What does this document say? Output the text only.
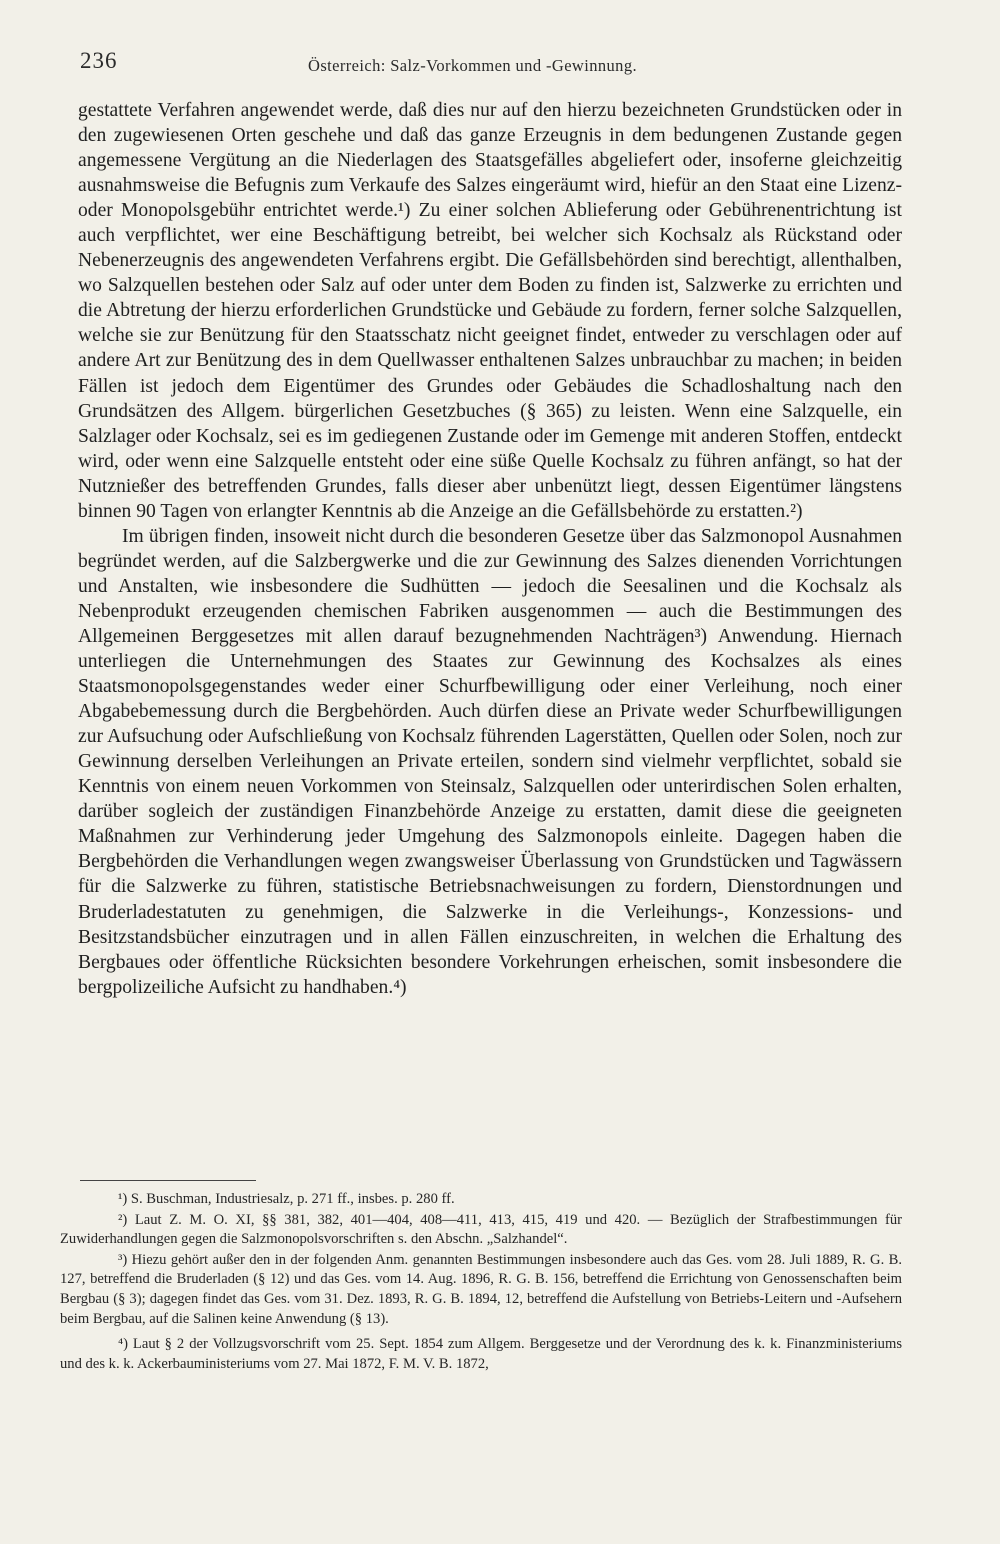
236	Österreich: Salz-Vorkommen und -Gewinnung.

gestattete Verfahren angewendet werde, daß dies nur auf den hierzu bezeichneten Grundstücken oder in den zugewiesenen Orten geschehe und daß das ganze Erzeugnis in dem bedungenen Zustande gegen angemessene Vergütung an die Niederlagen des Staatsgefälles abgeliefert oder, insoferne gleichzeitig ausnahmsweise die Befugnis zum Verkaufe des Salzes eingeräumt wird, hiefür an den Staat eine Lizenz- oder Monopolsgebühr entrichtet werde.¹) Zu einer solchen Ablieferung oder Gebührenentrichtung ist auch verpflichtet, wer eine Beschäftigung betreibt, bei welcher sich Kochsalz als Rückstand oder Nebenerzeugnis des angewendeten Verfahrens ergibt. Die Gefällsbehörden sind berechtigt, allenthalben, wo Salzquellen bestehen oder Salz auf oder unter dem Boden zu finden ist, Salzwerke zu errichten und die Abtretung der hierzu erforderlichen Grundstücke und Gebäude zu fordern, ferner solche Salzquellen, welche sie zur Benützung für den Staatsschatz nicht geeignet findet, entweder zu verschlagen oder auf andere Art zur Benützung des in dem Quellwasser enthaltenen Salzes unbrauchbar zu machen; in beiden Fällen ist jedoch dem Eigentümer des Grundes oder Gebäudes die Schadloshaltung nach den Grundsätzen des Allgem. bürgerlichen Gesetzbuches (§ 365) zu leisten. Wenn eine Salzquelle, ein Salzlager oder Kochsalz, sei es im gediegenen Zustande oder im Gemenge mit anderen Stoffen, entdeckt wird, oder wenn eine Salzquelle entsteht oder eine süße Quelle Kochsalz zu führen anfängt, so hat der Nutznießer des betreffenden Grundes, falls dieser aber unbenützt liegt, dessen Eigentümer längstens binnen 90 Tagen von erlangter Kenntnis ab die Anzeige an die Gefällsbehörde zu erstatten.²)

Im übrigen finden, insoweit nicht durch die besonderen Gesetze über das Salzmonopol Ausnahmen begründet werden, auf die Salzbergwerke und die zur Gewinnung des Salzes dienenden Vorrichtungen und Anstalten, wie insbesondere die Sudhütten — jedoch die Seesalinen und die Kochsalz als Nebenprodukt erzeugenden chemischen Fabriken ausgenommen — auch die Bestimmungen des Allgemeinen Berggesetzes mit allen darauf bezugnehmenden Nachträgen³) Anwendung. Hiernach unterliegen die Unternehmungen des Staates zur Gewinnung des Kochsalzes als eines Staatsmonopolsgegenstandes weder einer Schurfbewilligung oder einer Verleihung, noch einer Abgabebemessung durch die Bergbehörden. Auch dürfen diese an Private weder Schurfbewilligungen zur Aufsuchung oder Aufschließung von Kochsalz führenden Lagerstätten, Quellen oder Solen, noch zur Gewinnung derselben Verleihungen an Private erteilen, sondern sind vielmehr verpflichtet, sobald sie Kenntnis von einem neuen Vorkommen von Steinsalz, Salzquellen oder unterirdischen Solen erhalten, darüber sogleich der zuständigen Finanzbehörde Anzeige zu erstatten, damit diese die geeigneten Maßnahmen zur Verhinderung jeder Umgehung des Salzmonopols einleite. Dagegen haben die Bergbehörden die Verhandlungen wegen zwangsweiser Überlassung von Grundstücken und Tagwässern für die Salzwerke zu führen, statistische Betriebsnachweisungen zu fordern, Dienstordnungen und Bruderladestatuten zu genehmigen, die Salzwerke in die Verleihungs-, Konzessions- und Besitzstandsbücher einzutragen und in allen Fällen einzuschreiten, in welchen die Erhaltung des Bergbaues oder öffentliche Rücksichten besondere Vorkehrungen erheischen, somit insbesondere die bergpolizeiliche Aufsicht zu handhaben.⁴)

¹) S. Buschman, Industriesalz, p. 271 ff., insbes. p. 280 ff.

²) Laut Z. M. O. XI, §§ 381, 382, 401—404, 408—411, 413, 415, 419 und 420. — Bezüglich der Strafbestimmungen für Zuwiderhandlungen gegen die Salzmonopolsvorschriften s. den Abschn. „Salzhandel“.

³) Hiezu gehört außer den in der folgenden Anm. genannten Bestimmungen insbesondere auch das Ges. vom 28. Juli 1889, R. G. B. 127, betreffend die Bruderladen (§ 12) und das Ges. vom 14. Aug. 1896, R. G. B. 156, betreffend die Errichtung von Genossenschaften beim Bergbau (§ 3); dagegen findet das Ges. vom 31. Dez. 1893, R. G. B. 1894, 12, betreffend die Aufstellung von Betriebs-Leitern und -Aufsehern beim Bergbau, auf die Salinen keine Anwendung (§ 13).

⁴) Laut § 2 der Vollzugsvorschrift vom 25. Sept. 1854 zum Allgem. Berggesetze und der Verordnung des k. k. Finanzministeriums und des k. k. Ackerbauministeriums vom 27. Mai 1872, F. M. V. B. 1872,
